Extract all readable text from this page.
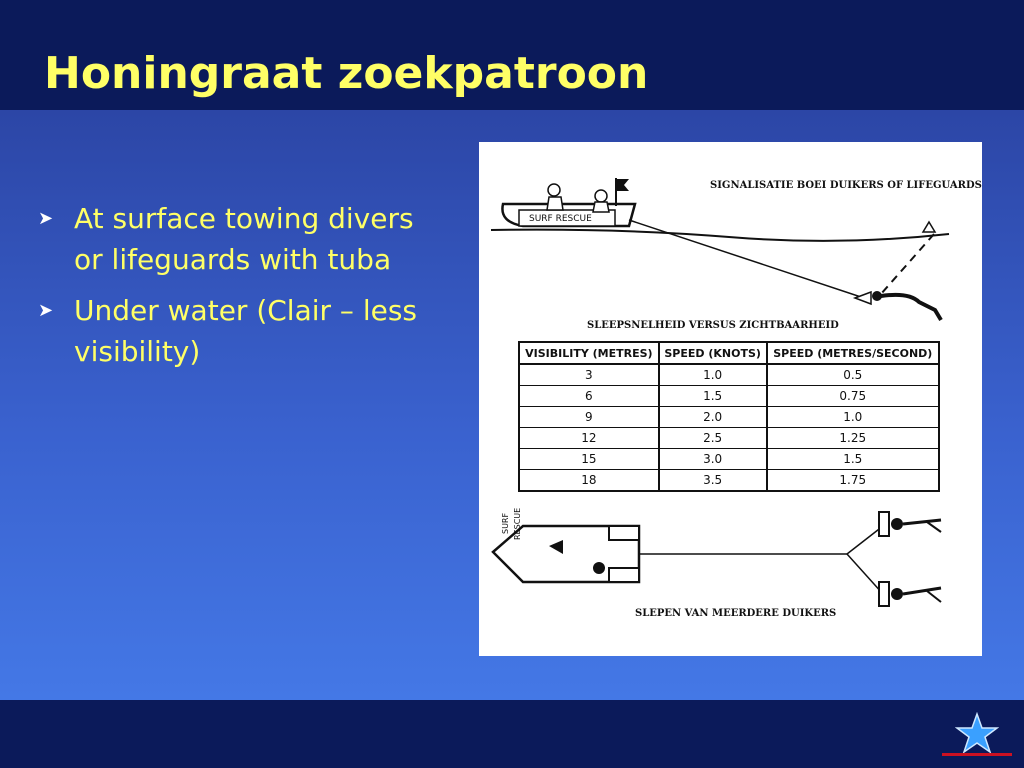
Honingraat zoekpatroon
➤ At surface towing divers or lifeguards with tuba
➤ Under water (Clair – less visibility)
SIGNALISATIE BOEI DUIKERS OF LIFEGUARDS
SURF RESCUE
SLEEPSNELHEID VERSUS ZICHTBAARHEID
VISIBILITY (METRES)	SPEED (KNOTS)	SPEED (METRES/SECOND)
3	1.0	0.5
6	1.5	0.75
9	2.0	1.0
12	2.5	1.25
15	3.0	1.5
18	3.5	1.75
SURF RESCUE
SLEPEN VAN MEERDERE DUIKERS
